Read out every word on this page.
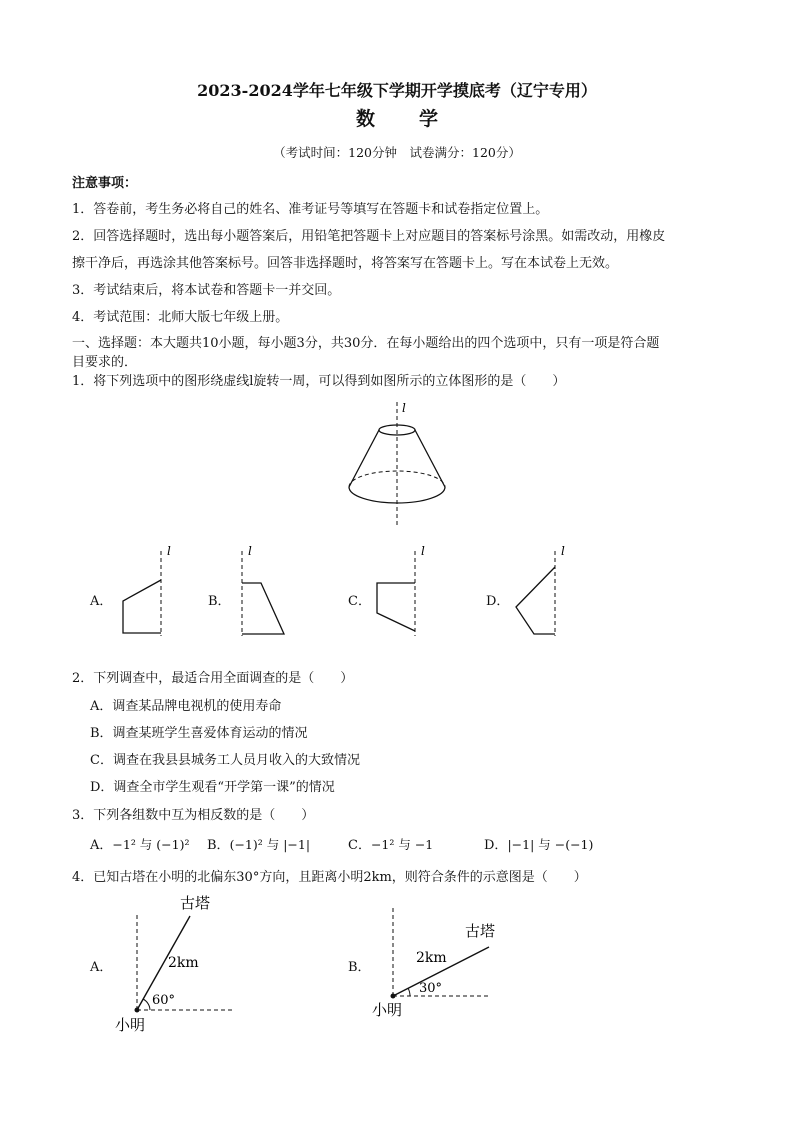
2023-2024学年七年级下学期开学摸底考（辽宁专用）
数 学
（考试时间：120分钟　试卷满分：120分）
注意事项：
1．答卷前，考生务必将自己的姓名、准考证号等填写在答题卡和试卷指定位置上。
2．回答选择题时，选出每小题答案后，用铅笔把答题卡上对应题目的答案标号涂黑。如需改动，用橡皮
擦干净后，再选涂其他答案标号。回答非选择题时，将答案写在答题卡上。写在本试卷上无效。
3．考试结束后，将本试卷和答题卡一并交回。
4．考试范围：北师大版七年级上册。
一、选择题：本大题共10小题，每小题3分，共30分．在每小题给出的四个选项中，只有一项是符合题
目要求的．
1．将下列选项中的图形绕虚线l旋转一周，可以得到如图所示的立体图形的是（　　）
l
A．
l
B．
l
C．
l
D．
l
2．下列调查中，最适合用全面调查的是（　　）
A．调查某品牌电视机的使用寿命
B．调查某班学生喜爱体育运动的情况
C．调查在我县县城务工人员月收入的大致情况
D．调查全市学生观看“开学第一课”的情况
3．下列各组数中互为相反数的是（　　）
A．−1² 与 (−1)² B．(−1)² 与 |−1|	C．−1² 与 −1	D．|−1| 与 −(−1)
4．已知古塔在小明的北偏东30°方向，且距离小明2km，则符合条件的示意图是（　　）
A．
古塔
2km
60°
小明
B．
古塔
2km
30°
小明
